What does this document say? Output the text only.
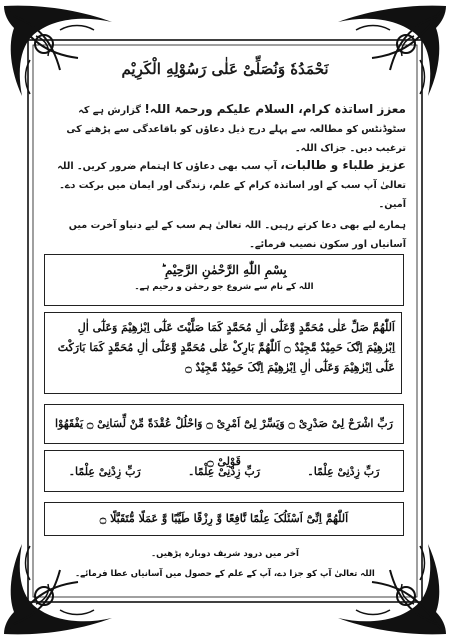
نَحْمَدُهٗ وَنُصَلِّیْ عَلٰی رَسُوْلِهِ الْکَرِیْم
معزز اساتذہ کرام، السلام علیکم ورحمۃ اللہ! گزارش ہے کہ سٹوڈنٹس کو مطالعہ سے پہلے درج ذیل دعاؤں کو باقاعدگی سے پڑھنے کی ترغیب دیں۔ جزاک اللہ۔
عزیز طلباء و طالبات، آپ سب بھی دعاؤں کا اہتمام ضرور کریں۔ اللہ تعالیٰ آپ سب کے اور اساتذہ کرام کے علم، زندگی اور ایمان میں برکت دے۔ آمین۔
ہمارے لیے بھی دعا کرتے رہیں۔ اللہ تعالیٰ ہم سب کے لیے دنیاو آخرت میں آسانیاں اور سکون نصیب فرمائے۔
بِسْمِ اللّٰهِ الرَّحْمٰنِ الرَّحِیْمِ ؕ
اللہ کے نام سے شروع جو رحمٰن و رحیم ہے۔
اَللّٰهُمَّ صَلِّ عَلٰی مُحَمَّدٍ وَّعَلٰٓی اٰلِ مُحَمَّدٍ کَمَا صَلَّیْتَ عَلٰٓی اِبْرٰهِیْمَ وَعَلٰٓی اٰلِ اِبْرٰهِیْمَ اِنَّکَ حَمِیْدٌ مَّجِیْدٌ ۝ اَللّٰهُمَّ بَارِکْ عَلٰی مُحَمَّدٍ وَّعَلٰٓی اٰلِ مُحَمَّدٍ کَمَا بَارَکْتَ عَلٰٓی اِبْرٰهِیْمَ وَعَلٰٓی اٰلِ اِبْرٰهِیْمَ اِنَّکَ حَمِیْدٌ مَّجِیْدٌ ۝
رَبِّ اشْرَحْ لِیْ صَدْرِیْ ۝ وَیَسِّرْ لِیْٓ اَمْرِیْ ۝ وَاحْلُلْ عُقْدَةً مِّنْ لِّسَانِیْ ۝ یَفْقَهُوْا قَوْلِیْ ۝
رَبِّ زِدْنِیْ عِلْمًا۔
رَبِّ زِدْنِیْ عِلْمًا۔
رَبِّ زِدْنِیْ عِلْمًا۔
اَللّٰهُمَّ اِنِّیْٓ اَسْئَلُکَ عِلْمًا نَّافِعًا وَّ رِزْقًا طَیِّبًا وَّ عَمَلًا مُّتَقَبَّلًا ۝
آخر میں درود شریف دوبارہ پڑھیں۔
اللہ تعالیٰ آپ کو جزا دے، آپ کے علم کے حصول میں آسانیاں عطا فرمائے۔
